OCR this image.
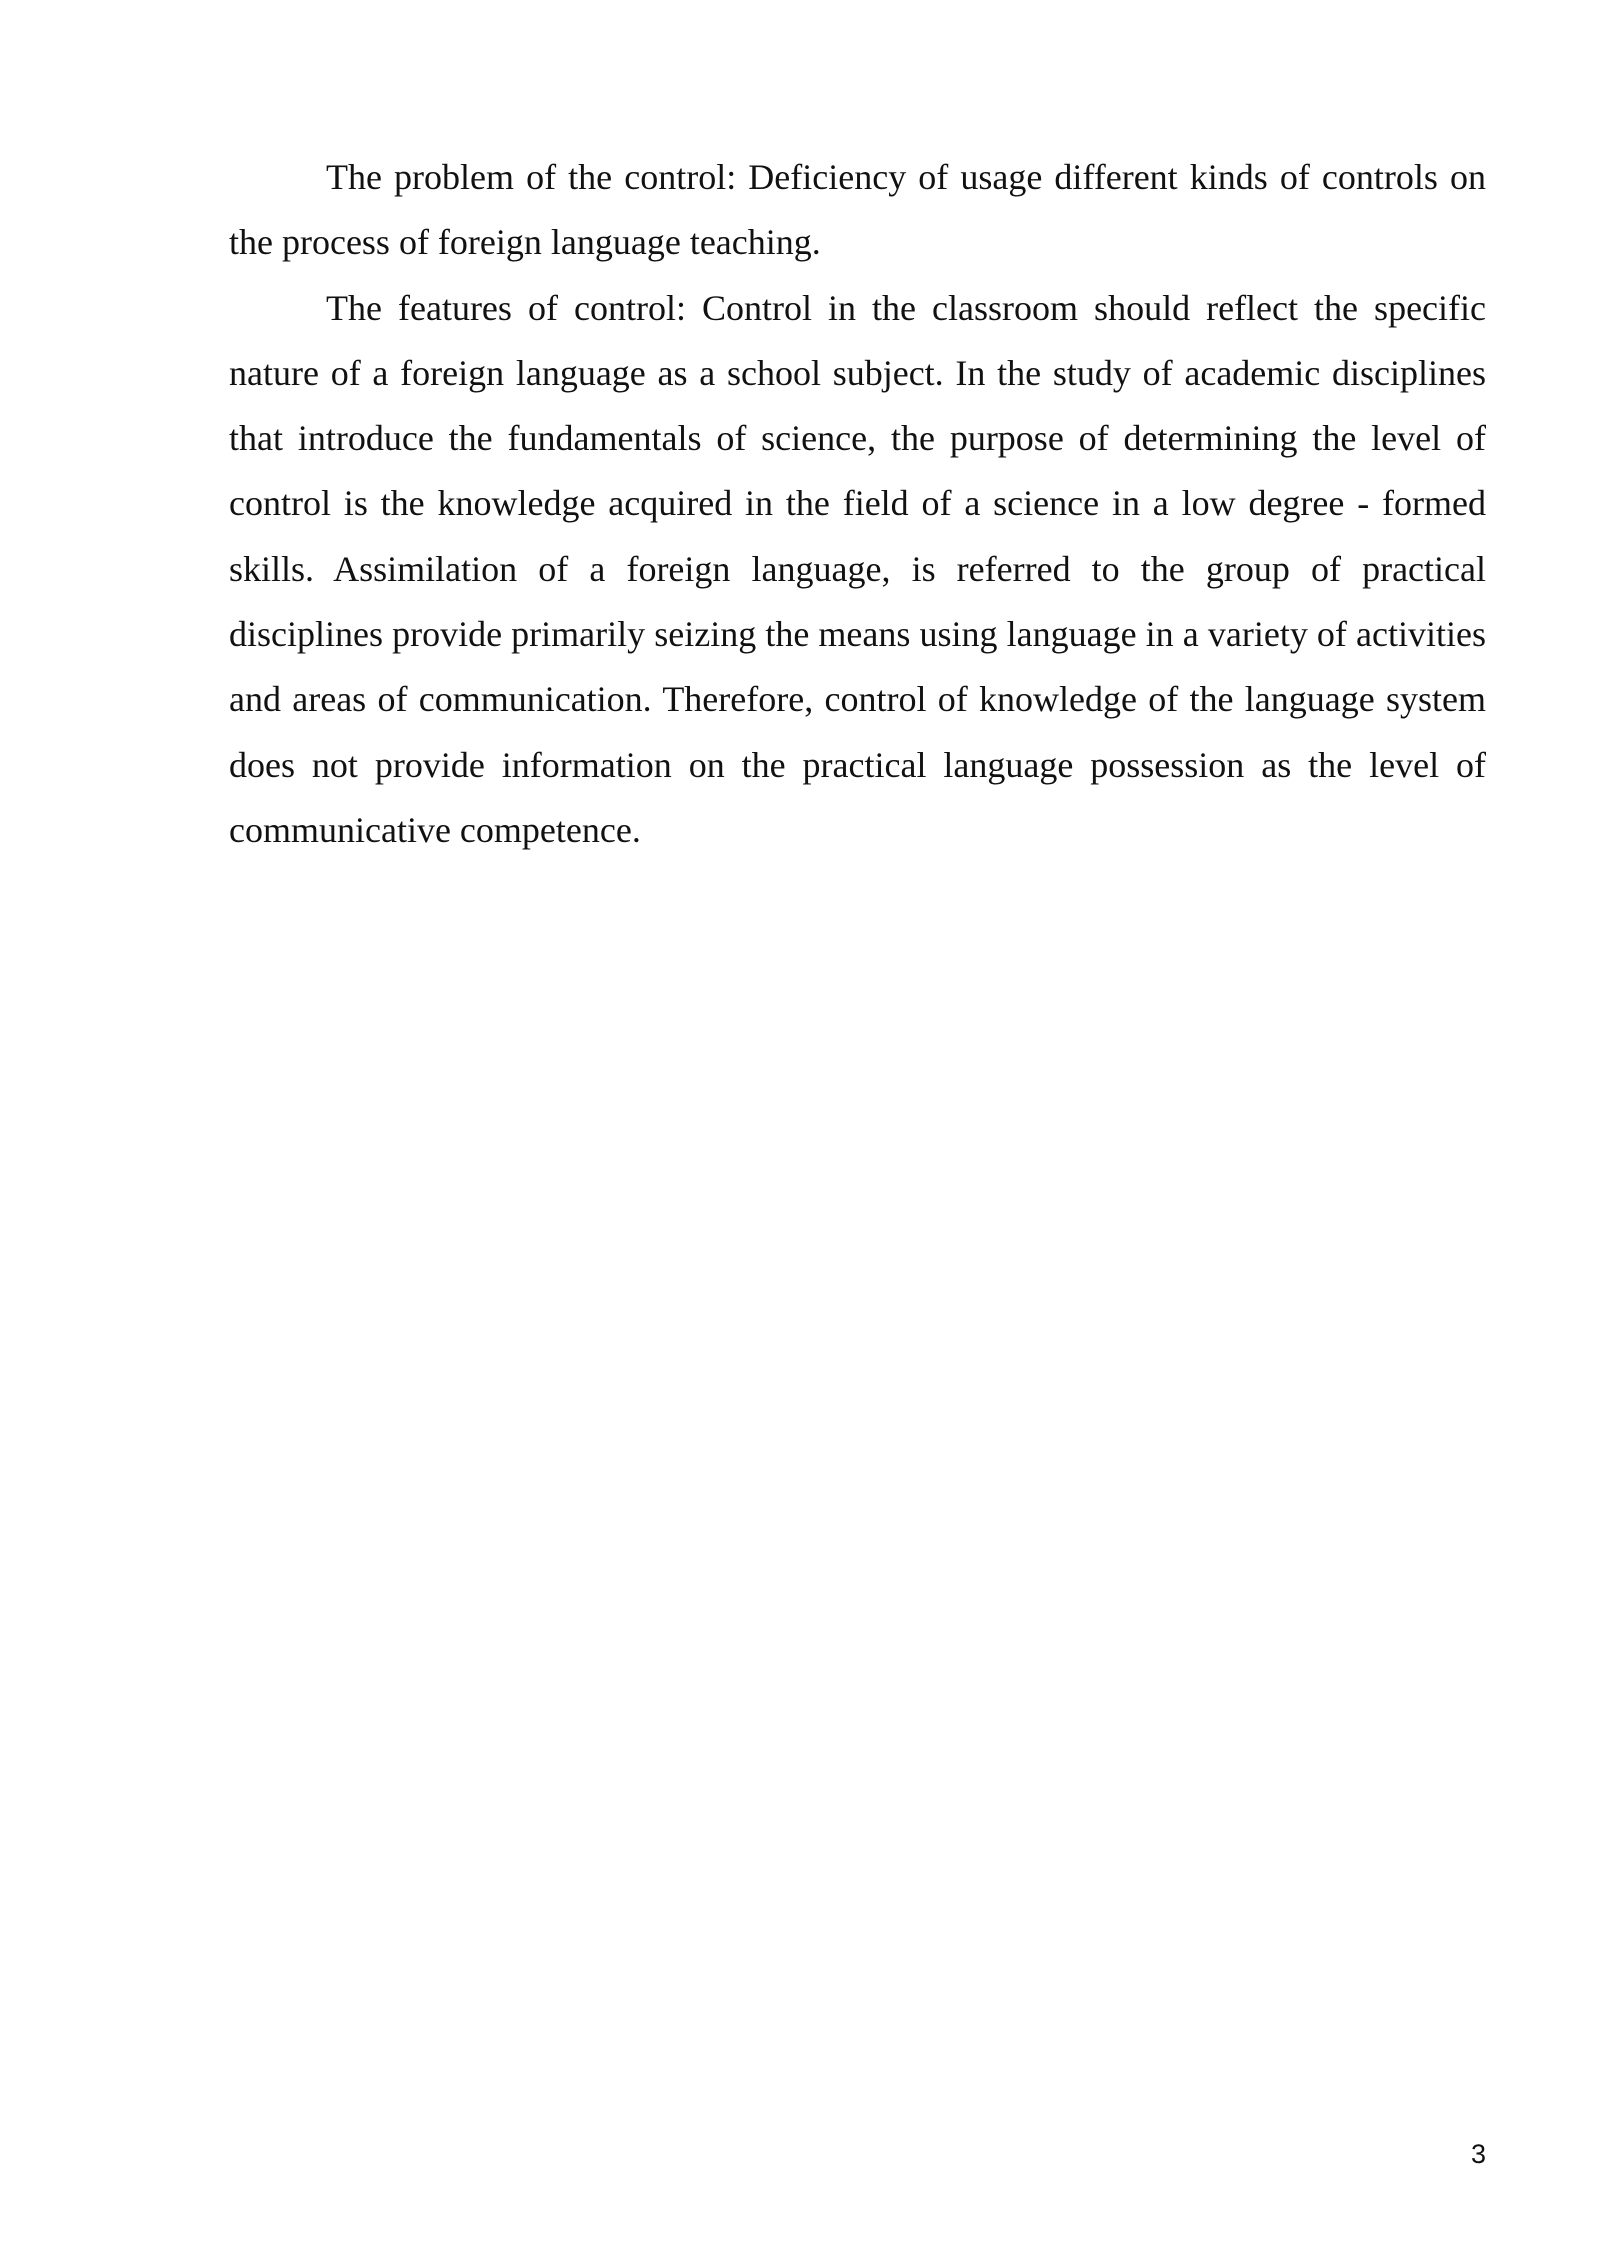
The problem of the control: Deficiency of usage different kinds of controls on the process of foreign language teaching.

The features of control: Control in the classroom should reflect the specific nature of a foreign language as a school subject. In the study of academic disciplines that introduce the fundamentals of science, the purpose of determining the level of control is the knowledge acquired in the field of a science in a low degree - formed skills. Assimilation of a foreign language, is referred to the group of practical disciplines provide primarily seizing the means using language in a variety of activities and areas of communication. Therefore, control of knowledge of the language system does not provide information on the practical language possession as the level of communicative competence.

3
